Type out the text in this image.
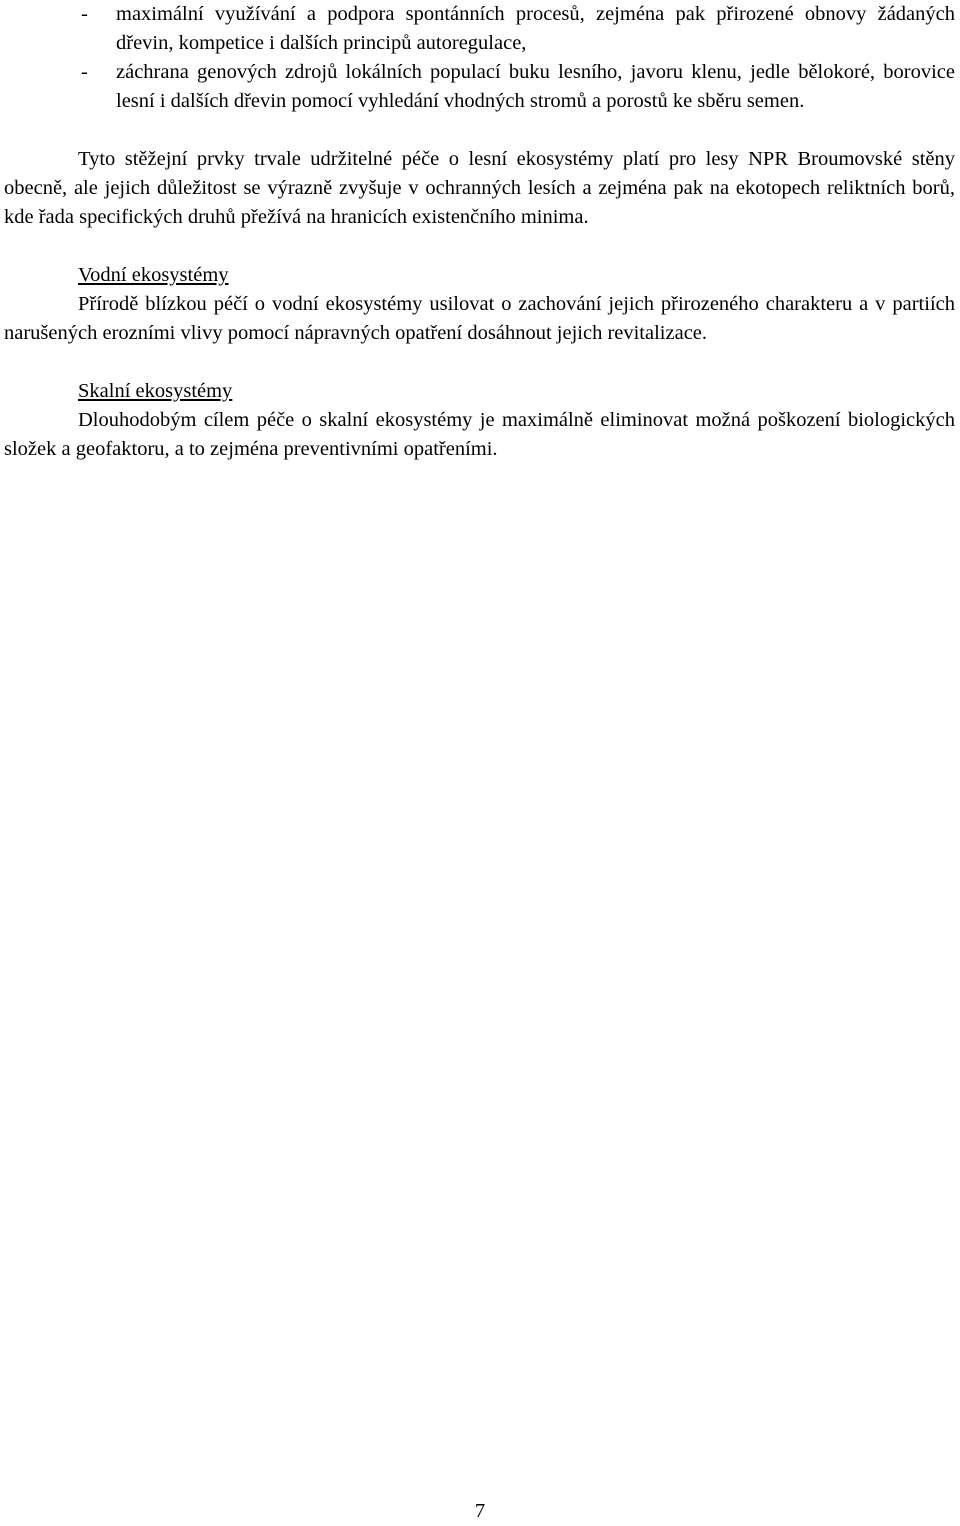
- maximální využívání a podpora spontánních procesů, zejména pak přirozené obnovy žádaných dřevin, kompetice i dalších principů autoregulace,
- záchrana genových zdrojů lokálních populací buku lesního, javoru klenu, jedle bělokoré, borovice lesní i dalších dřevin pomocí vyhledání vhodných stromů a porostů ke sběru semen.

Tyto stěžejní prvky trvale udržitelné péče o lesní ekosystémy platí pro lesy NPR Broumovské stěny obecně, ale jejich důležitost se výrazně zvyšuje v ochranných lesích a zejména pak na ekotopech reliktních borů, kde řada specifických druhů přežívá na hranicích existenčního minima.

Vodní ekosystémy

Přírodě blízkou péčí o vodní ekosystémy usilovat o zachování jejich přirozeného charakteru a v partiích narušených erozními vlivy pomocí nápravných opatření dosáhnout jejich revitalizace.

Skalní ekosystémy

Dlouhodobým cílem péče o skalní ekosystémy je maximálně eliminovat možná poškození biologických složek a geofaktoru, a to zejména preventivními opatřeními.

7
